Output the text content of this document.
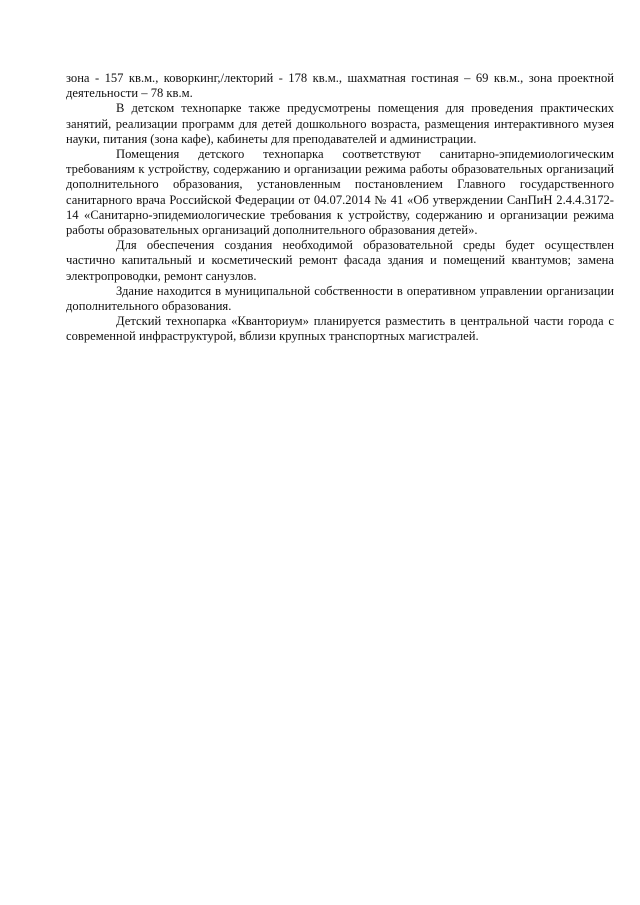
зона - 157 кв.м., коворкинг,/лекторий - 178 кв.м., шахматная гостиная – 69 кв.м., зона проектной деятельности – 78 кв.м.

В детском технопарке также предусмотрены помещения для проведения практических занятий, реализации программ для детей дошкольного возраста, размещения интерактивного музея науки, питания (зона кафе), кабинеты для преподавателей и администрации.

Помещения детского технопарка соответствуют санитарно-эпидемиологическим требованиям к устройству, содержанию и организации режима работы образовательных организаций дополнительного образования, установленным постановлением Главного государственного санитарного врача Российской Федерации от 04.07.2014 № 41 «Об утверждении СанПиН 2.4.4.3172-14 «Санитарно-эпидемиологические требования к устройству, содержанию и организации режима работы образовательных организаций дополнительного образования детей».

Для обеспечения создания необходимой образовательной среды будет осуществлен частично капитальный и косметический ремонт фасада здания и помещений квантумов; замена электропроводки, ремонт санузлов.

Здание находится в муниципальной собственности в оперативном управлении организации дополнительного образования.

Детский технопарка «Кванториум» планируется разместить в центральной части города с современной инфраструктурой, вблизи крупных транспортных магистралей.
